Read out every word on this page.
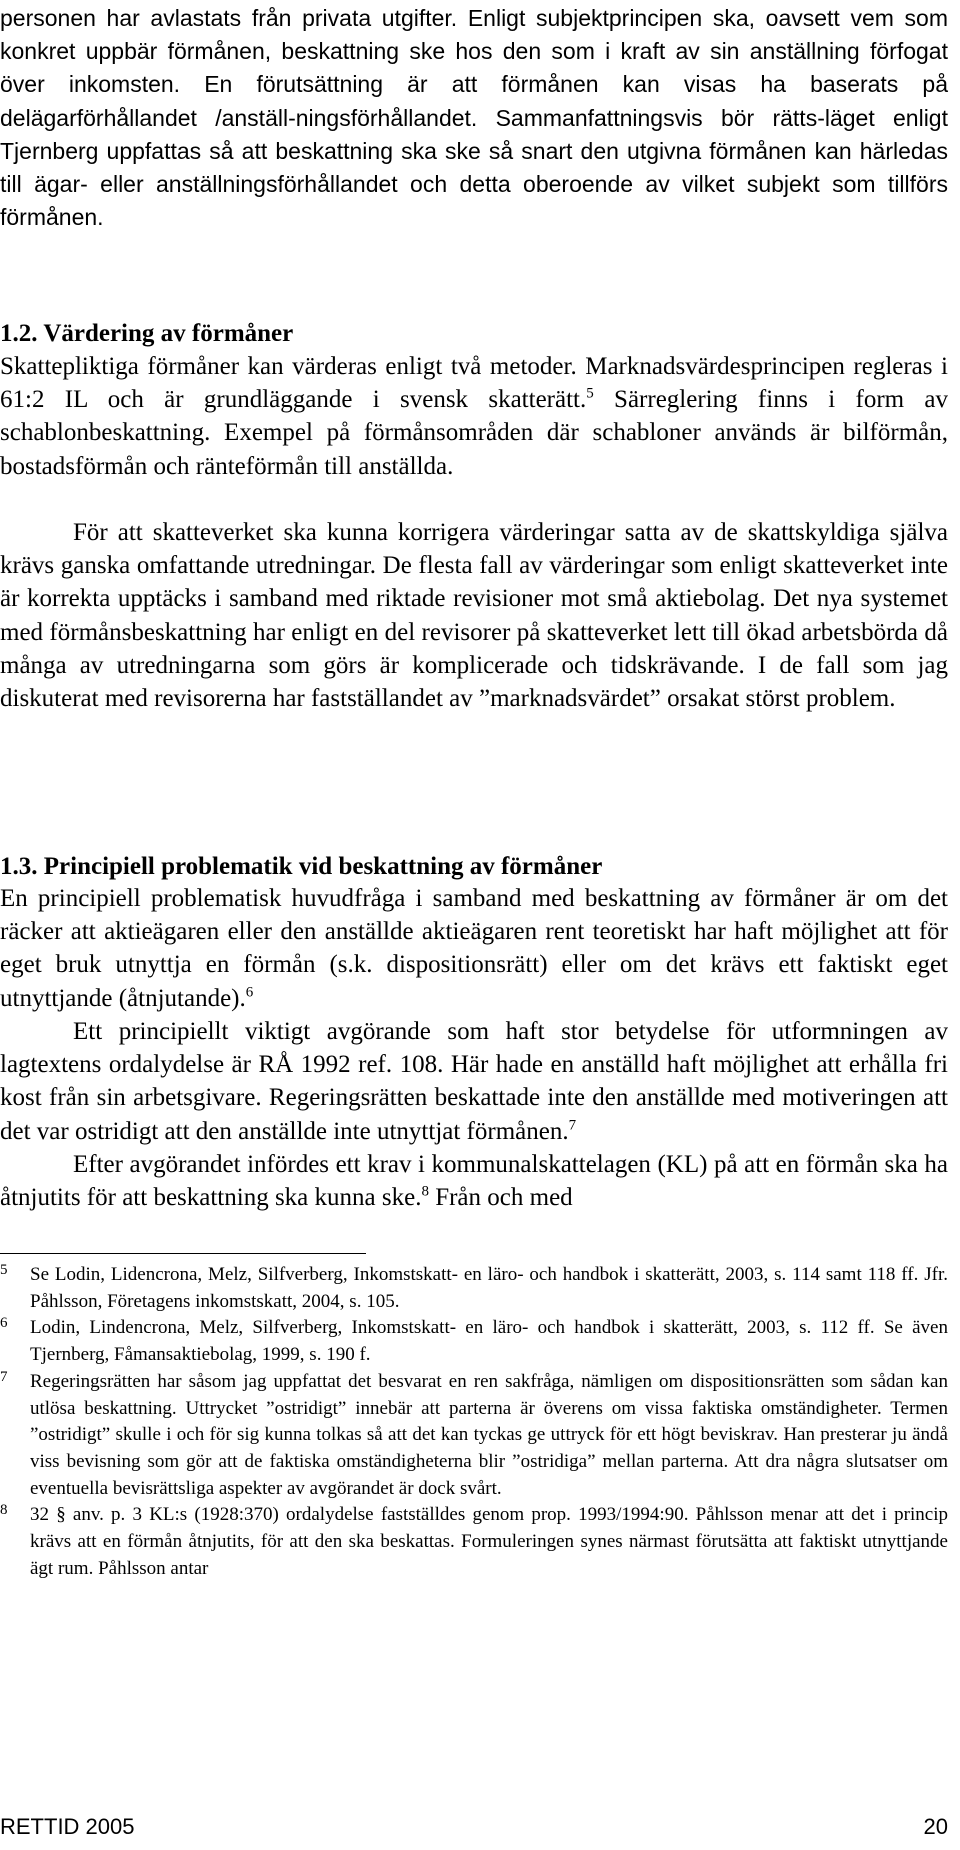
personen har avlastats från privata utgifter. Enligt subjektprincipen ska, oavsett vem som konkret uppbär förmånen, beskattning ske hos den som i kraft av sin anställning förfogat över inkomsten. En förutsättning är att förmånen kan visas ha baserats på delägarförhållandet /anställ-ningsförhållandet. Sammanfattningsvis bör rätts-läget enligt Tjernberg uppfattas så att beskattning ska ske så snart den utgivna förmånen kan härledas till ägar- eller anställningsförhållandet och detta oberoende av vilket subjekt som tillförs förmånen.

1.2. Värdering av förmåner

Skattepliktiga förmåner kan värderas enligt två metoder. Marknadsvärdesprincipen regleras i 61:2 IL och är grundläggande i svensk skatterätt.$^5$ Särreglering finns i form av schablonbeskattning. Exempel på förmånsområden där schabloner används är bilförmån, bostadsförmån och ränteförmån till anställda.

För att skatteverket ska kunna korrigera värderingar satta av de skattskyldiga själva krävs ganska omfattande utredningar. De flesta fall av värderingar som enligt skatteverket inte är korrekta upptäcks i samband med riktade revisioner mot små aktiebolag. Det nya systemet med förmånsbeskattning har enligt en del revisorer på skatteverket lett till ökad arbetsbörda då många av utredningarna som görs är komplicerade och tidskrävande. I de fall som jag diskuterat med revisorerna har fastställandet av ”marknadsvärdet” orsakat störst problem.

1.3. Principiell problematik vid beskattning av förmåner

En principiell problematisk huvudfråga i samband med beskattning av förmåner är om det räcker att aktieägaren eller den anställde aktieägaren rent teoretiskt har haft möjlighet att för eget bruk utnyttja en förmån (s.k. dispositionsrätt) eller om det krävs ett faktiskt eget utnyttjande (åtnjutande).$^6$

Ett principiellt viktigt avgörande som haft stor betydelse för utformningen av lagtextens ordalydelse är RÅ 1992 ref. 108. Här hade en anställd haft möjlighet att erhålla fri kost från sin arbetsgivare. Regeringsrätten beskattade inte den anställde med motiveringen att det var ostridigt att den anställde inte utnyttjat förmånen.$^7$

Efter avgörandet infördes ett krav i kommunalskattelagen (KL) på att en förmån ska ha åtnjutits för att beskattning ska kunna ske.$^8$ Från och med

5 Se Lodin, Lidencrona, Melz, Silfverberg, Inkomstskatt- en läro- och handbok i skatterätt, 2003, s. 114 samt 118 ff. Jfr. Påhlsson, Företagens inkomstskatt, 2004, s. 105.
6 Lodin, Lindencrona, Melz, Silfverberg, Inkomstskatt- en läro- och handbok i skatterätt, 2003, s. 112 ff. Se även Tjernberg, Fåmansaktiebolag, 1999, s. 190 f.
7 Regeringsrätten har såsom jag uppfattat det besvarat en ren sakfråga, nämligen om dispositionsrätten som sådan kan utlösa beskattning. Uttrycket ”ostridigt” innebär att parterna är överens om vissa faktiska omständigheter. Termen ”ostridigt” skulle i och för sig kunna tolkas så att det kan tyckas ge uttryck för ett högt beviskrav. Han presterar ju ändå viss bevisning som gör att de faktiska omständigheterna blir ”ostridiga” mellan parterna. Att dra några slutsatser om eventuella bevisrättsliga aspekter av avgörandet är dock svårt.
8 32 § anv. p. 3 KL:s (1928:370) ordalydelse fastställdes genom prop. 1993/1994:90. Påhlsson menar att det i princip krävs att en förmån åtnjutits, för att den ska beskattas. Formuleringen synes närmast förutsätta att faktiskt utnyttjande ägt rum. Påhlsson antar
RETTID 2005	20
